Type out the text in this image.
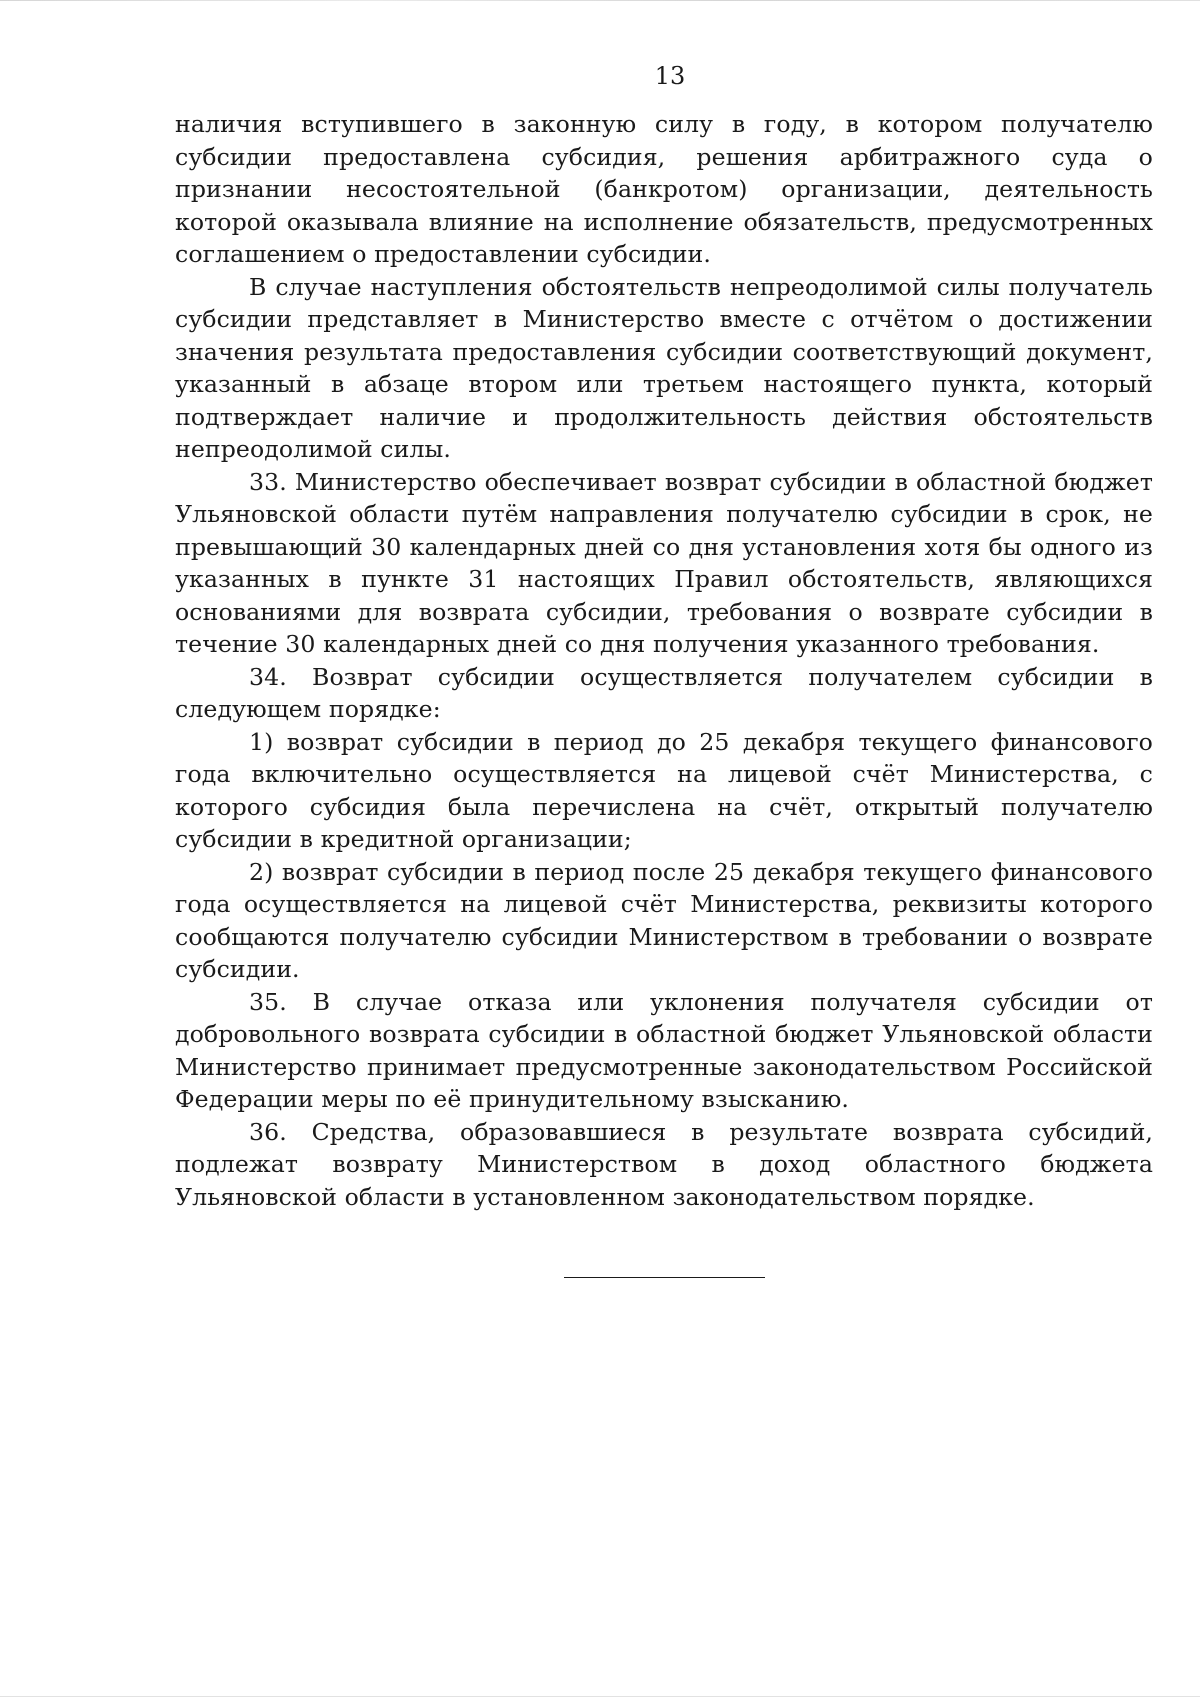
13

наличия вступившего в законную силу в году, в котором получателю субсидии предоставлена субсидия, решения арбитражного суда о признании несостоятельной (банкротом) организации, деятельность которой оказывала влияние на исполнение обязательств, предусмотренных соглашением о предоставлении субсидии.

В случае наступления обстоятельств непреодолимой силы получатель субсидии представляет в Министерство вместе с отчётом о достижении значения результата предоставления субсидии соответствующий документ, указанный в абзаце втором или третьем настоящего пункта, который подтверждает наличие и продолжительность действия обстоятельств непреодолимой силы.

33. Министерство обеспечивает возврат субсидии в областной бюджет Ульяновской области путём направления получателю субсидии в срок, не превышающий 30 календарных дней со дня установления хотя бы одного из указанных в пункте 31 настоящих Правил обстоятельств, являющихся основаниями для возврата субсидии, требования о возврате субсидии в течение 30 календарных дней со дня получения указанного требования.

34. Возврат субсидии осуществляется получателем субсидии в следующем порядке:

1) возврат субсидии в период до 25 декабря текущего финансового года включительно осуществляется на лицевой счёт Министерства, с которого субсидия была перечислена на счёт, открытый получателю субсидии в кредитной организации;

2) возврат субсидии в период после 25 декабря текущего финансового года осуществляется на лицевой счёт Министерства, реквизиты которого сообщаются получателю субсидии Министерством в требовании о возврате субсидии.

35. В случае отказа или уклонения получателя субсидии от добровольного возврата субсидии в областной бюджет Ульяновской области Министерство принимает предусмотренные законодательством Российской Федерации меры по её принудительному взысканию.

36. Средства, образовавшиеся в результате возврата субсидий, подлежат возврату Министерством в доход областного бюджета Ульяновской области в установленном законодательством порядке.
